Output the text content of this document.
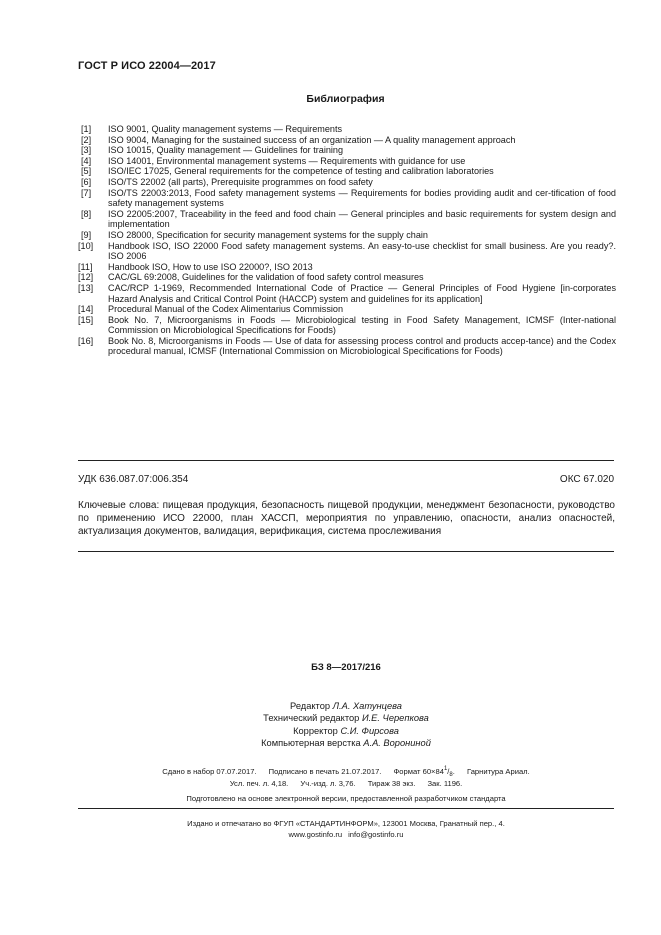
ГОСТ Р ИСО 22004—2017
Библиография
[1]	ISO 9001, Quality management systems — Requirements
[2]	ISO 9004, Managing for the sustained success of an organization — A quality management approach
[3]	ISO 10015, Quality management — Guidelines for training
[4]	ISO 14001, Environmental management systems — Requirements with guidance for use
[5]	ISO/IEC 17025, General requirements for the competence of testing and calibration laboratories
[6]	ISO/TS 22002 (all parts), Prerequisite programmes on food safety
[7]	ISO/TS 22003:2013, Food safety management systems — Requirements for bodies providing audit and cer-tification of food safety management systems
[8]	ISO 22005:2007, Traceability in the feed and food chain — General principles and basic requirements for system design and implementation
[9]	ISO 28000, Specification for security management systems for the supply chain
[10]	Handbook ISO, ISO 22000 Food safety management systems. An easy-to-use checklist for small business. Are you ready?. ISO 2006
[11]	Handbook ISO, How to use ISO 22000?, ISO 2013
[12]	CAC/GL 69:2008, Guidelines for the validation of food safety control measures
[13]	CAC/RCP 1-1969, Recommended International Code of Practice — General Principles of Food Hygiene [in-corporates Hazard Analysis and Critical Control Point (HACCP) system and guidelines for its application]
[14]	Procedural Manual of the Codex Alimentarius Commission
[15]	Book No. 7, Microorganisms in Foods — Microbiological testing in Food Safety Management, ICMSF (Inter-national Commission on Microbiological Specifications for Foods)
[16]	Book No. 8, Microorganisms in Foods — Use of data for assessing process control and products accep-tance) and the Codex procedural manual, ICMSF (International Commission on Microbiological Specifications for Foods)
УДК 636.087.07:006.354	ОКС 67.020
Ключевые слова: пищевая продукция, безопасность пищевой продукции, менеджмент безопасности, руководство по применению ИСО 22000, план ХАССП, мероприятия по управлению, опасности, анализ опасностей, актуализация документов, валидация, верификация, система прослеживания
БЗ 8—2017/216
Редактор Л.А. Хатунцева
Технический редактор И.Е. Черепкова
Корректор С.И. Фирсова
Компьютерная верстка А.А. Ворониной
Сдано в набор 07.07.2017. Подписано в печать 21.07.2017. Формат $60\times 84^1/_8$. Гарнитура Ариал.
Усл. печ. л. 4,18. Уч.-изд. л. 3,76. Тираж 38 экз. Зак. 1196.
Подготовлено на основе электронной версии, предоставленной разработчиком стандарта
Издано и отпечатано во ФГУП «СТАНДАРТИНФОРМ», 123001 Москва, Гранатный пер., 4.
www.gostinfo.ru info@gostinfo.ru
